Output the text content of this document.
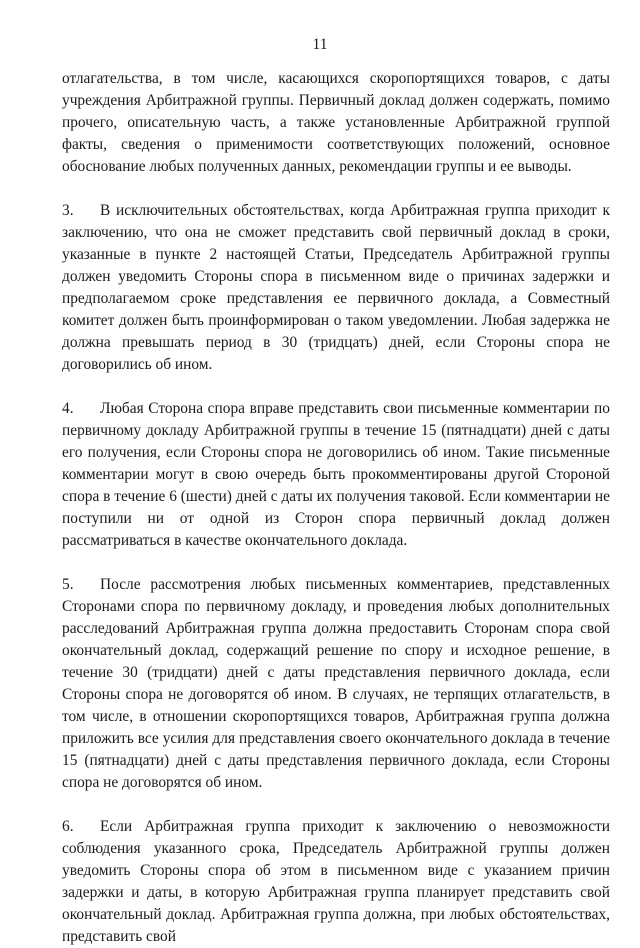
11

отлагательства, в том числе, касающихся скоропортящихся товаров, с даты учреждения Арбитражной группы. Первичный доклад должен содержать, помимо прочего, описательную часть, а также установленные Арбитражной группой факты, сведения о применимости соответствующих положений, основное обоснование любых полученных данных, рекомендации группы и ее выводы.

3. В исключительных обстоятельствах, когда Арбитражная группа приходит к заключению, что она не сможет представить свой первичный доклад в сроки, указанные в пункте 2 настоящей Статьи, Председатель Арбитражной группы должен уведомить Стороны спора в письменном виде о причинах задержки и предполагаемом сроке представления ее первичного доклада, а Совместный комитет должен быть проинформирован о таком уведомлении. Любая задержка не должна превышать период в 30 (тридцать) дней, если Стороны спора не договорились об ином.

4. Любая Сторона спора вправе представить свои письменные комментарии по первичному докладу Арбитражной группы в течение 15 (пятнадцати) дней с даты его получения, если Стороны спора не договорились об ином. Такие письменные комментарии могут в свою очередь быть прокомментированы другой Стороной спора в течение 6 (шести) дней с даты их получения таковой. Если комментарии не поступили ни от одной из Сторон спора первичный доклад должен рассматриваться в качестве окончательного доклада.

5. После рассмотрения любых письменных комментариев, представленных Сторонами спора по первичному докладу, и проведения любых дополнительных расследований Арбитражная группа должна предоставить Сторонам спора свой окончательный доклад, содержащий решение по спору и исходное решение, в течение 30 (тридцати) дней с даты представления первичного доклада, если Стороны спора не договорятся об ином. В случаях, не терпящих отлагательств, в том числе, в отношении скоропортящихся товаров, Арбитражная группа должна приложить все усилия для представления своего окончательного доклада в течение 15 (пятнадцати) дней с даты представления первичного доклада, если Стороны спора не договорятся об ином.

6. Если Арбитражная группа приходит к заключению о невозможности соблюдения указанного срока, Председатель Арбитражной группы должен уведомить Стороны спора об этом в письменном виде с указанием причин задержки и даты, в которую Арбитражная группа планирует представить свой окончательный доклад. Арбитражная группа должна, при любых обстоятельствах, представить свой
